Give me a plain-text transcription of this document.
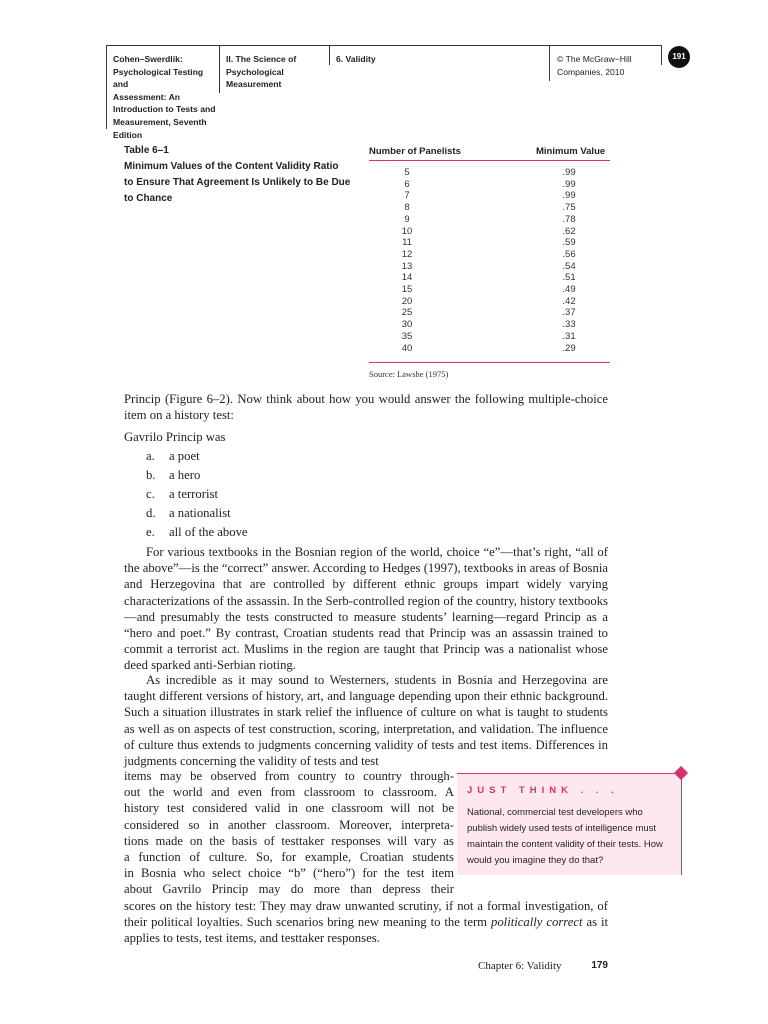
Cohen–Swerdlik:
Psychological Testing and
Assessment: An
Introduction to Tests and
Measurement, Seventh
Edition
II. The Science of
Psychological
Measurement
6. Validity	© The McGraw−Hill
Companies, 2010
191
Table 6–1
Minimum Values of the Content Validity Ratio
to Ensure That Agreement Is Unlikely to Be Due
to Chance
Number of Panelists	Minimum Value
5	.99
6	.99
7	.99
8	.75
9	.78
10	.62
11	.59
12	.56
13	.54
14	.51
15	.49
20	.42
25	.37
30	.33
35	.31
40	.29
Source: Lawshe (1975)

Princip (Figure 6–2). Now think about how you would answer the following multiple-choice item on a history test:

Gavrilo Princip was
a. a poet
b. a hero
c. a terrorist
d. a nationalist
e. all of the above

For various textbooks in the Bosnian region of the world, choice “e”—that’s right, “all of the above”—is the “correct” answer. According to Hedges (1997), textbooks in areas of Bosnia and Herzegovina that are controlled by different ethnic groups impart widely varying characterizations of the assassin. In the Serb-controlled region of the country, history textbooks—and presumably the tests constructed to measure students’ learning—regard Princip as a “hero and poet.” By contrast, Croatian students read that Princip was an assassin trained to commit a terrorist act. Muslims in the region are taught that Princip was a nationalist whose deed sparked anti-Serbian rioting.

As incredible as it may sound to Westerners, students in Bosnia and Herzegovina are taught different versions of history, art, and language depending upon their ethnic background. Such a situation illustrates in stark relief the influence of culture on what is taught to students as well as on aspects of test construction, scoring, interpretation, and validation. The influence of culture thus extends to judgments concerning validity of tests and test items. Differences in judgments concerning the validity of tests and test

items may be observed from country to country through-
out the world and even from classroom to classroom. A
history test considered valid in one classroom will not be
considered so in another classroom. Moreover, interpreta-
tions made on the basis of testtaker responses will vary as
a function of culture. So, for example, Croatian students
in Bosnia who select choice “b” (“hero”) for the test item
about Gavrilo Princip may do more than depress their

scores on the history test: They may draw unwanted scrutiny, if not a formal investigation, of their political loyalties. Such scenarios bring new meaning to the term politically correct as it applies to tests, test items, and testtaker responses.

JUST THINK . . .
National, commercial test developers who publish widely used tests of intelligence must maintain the content validity of their tests. How would you imagine they do that?
Chapter 6: Validity	179
